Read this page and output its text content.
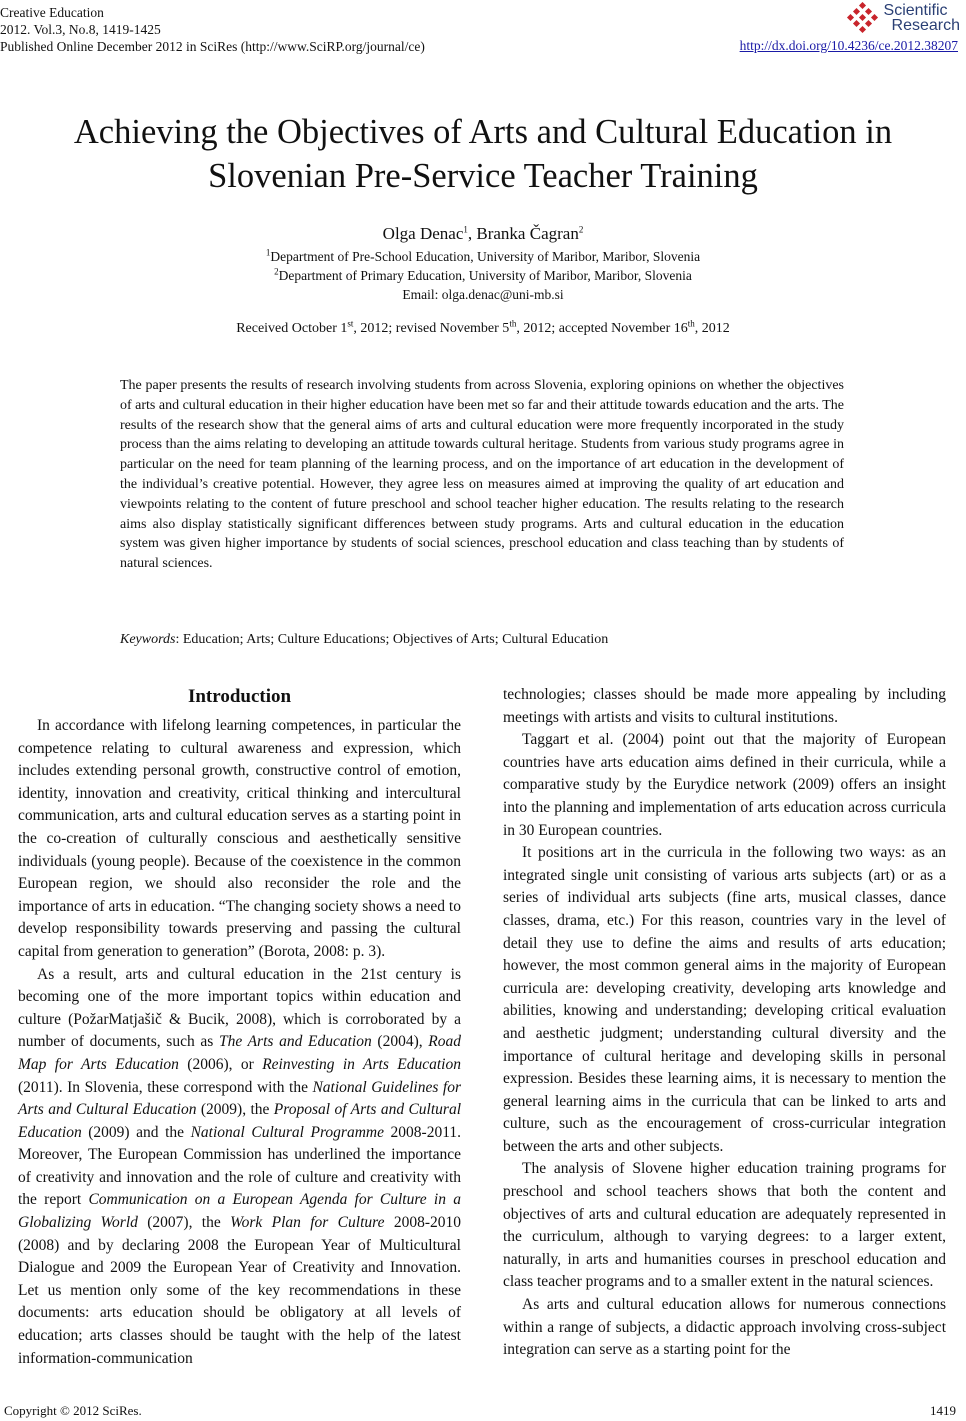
Creative Education
2012. Vol.3, No.8, 1419-1425
Published Online December 2012 in SciRes (http://www.SciRP.org/journal/ce)
Scientific
Research
http://dx.doi.org/10.4236/ce.2012.38207
Achieving the Objectives of Arts and Cultural Education in
Slovenian Pre-Service Teacher Training
Olga Denac$^1$, Branka Čagran$^2$
$^1$Department of Pre-School Education, University of Maribor, Maribor, Slovenia
$^2$Department of Primary Education, University of Maribor, Maribor, Slovenia
Email: olga.denac@uni-mb.si
Received October 1st, 2012; revised November 5th, 2012; accepted November 16th, 2012
The paper presents the results of research involving students from across Slovenia, exploring opinions on whether the objectives of arts and cultural education in their higher education have been met so far and their attitude towards education and the arts. The results of the research show that the general aims of arts and cultural education were more frequently incorporated in the study process than the aims relating to developing an attitude towards cultural heritage. Students from various study programs agree in particular on the need for team planning of the learning process, and on the importance of art education in the development of the individual’s creative potential. However, they agree less on measures aimed at improving the quality of art education and viewpoints relating to the content of future preschool and school teacher higher education. The results relating to the research aims also display statistically significant differences between study programs. Arts and cultural education in the education system was given higher importance by students of social sciences, preschool education and class teaching than by students of natural sciences.
Keywords: Education; Arts; Culture Educations; Objectives of Arts; Cultural Education
Introduction

In accordance with lifelong learning competences, in particular the competence relating to cultural awareness and expression, which includes extending personal growth, constructive control of emotion, identity, innovation and creativity, critical thinking and intercultural communication, arts and cultural education serves as a starting point in the co-creation of culturally conscious and aesthetically sensitive individuals (young people). Because of the coexistence in the common European region, we should also reconsider the role and the importance of arts in education. “The changing society shows a need to develop responsibility towards preserving and passing the cultural capital from generation to generation” (Borota, 2008: p. 3).

As a result, arts and cultural education in the 21st century is becoming one of the more important topics within education and culture (PožarMatjašič & Bucik, 2008), which is corroborated by a number of documents, such as The Arts and Education (2004), Road Map for Arts Education (2006), or Reinvesting in Arts Education (2011). In Slovenia, these correspond with the National Guidelines for Arts and Cultural Education (2009), the Proposal of Arts and Cultural Education (2009) and the National Cultural Programme 2008-2011. Moreover, The European Commission has underlined the importance of creativity and innovation and the role of culture and creativity with the report Communication on a European Agenda for Culture in a Globalizing World (2007), the Work Plan for Culture 2008-2010 (2008) and by declaring 2008 the European Year of Multicultural Dialogue and 2009 the European Year of Creativity and Innovation. Let us mention only some of the key recommendations in these documents: arts education should be obligatory at all levels of education; arts classes should be taught with the help of the latest information-communication

technologies; classes should be made more appealing by including meetings with artists and visits to cultural institutions.

Taggart et al. (2004) point out that the majority of European countries have arts education aims defined in their curricula, while a comparative study by the Eurydice network (2009) offers an insight into the planning and implementation of arts education across curricula in 30 European countries.

It positions art in the curricula in the following two ways: as an integrated single unit consisting of various arts subjects (art) or as a series of individual arts subjects (fine arts, musical classes, dance classes, drama, etc.) For this reason, countries vary in the level of detail they use to define the aims and results of arts education; however, the most common general aims in the majority of European curricula are: developing creativity, developing arts knowledge and abilities, knowing and understanding; developing critical evaluation and aesthetic judgment; understanding cultural diversity and the importance of cultural heritage and developing skills in personal expression. Besides these learning aims, it is necessary to mention the general learning aims in the curricula that can be linked to arts and culture, such as the encouragement of cross-curricular integration between the arts and other subjects.

The analysis of Slovene higher education training programs for preschool and school teachers shows that both the content and objectives of arts and cultural education are adequately represented in the curriculum, although to varying degrees: to a larger extent, naturally, in arts and humanities courses in preschool education and class teacher programs and to a smaller extent in the natural sciences.

As arts and cultural education allows for numerous connections within a range of subjects, a didactic approach involving cross-subject integration can serve as a starting point for the

Copyright © 2012 SciRes.	1419
